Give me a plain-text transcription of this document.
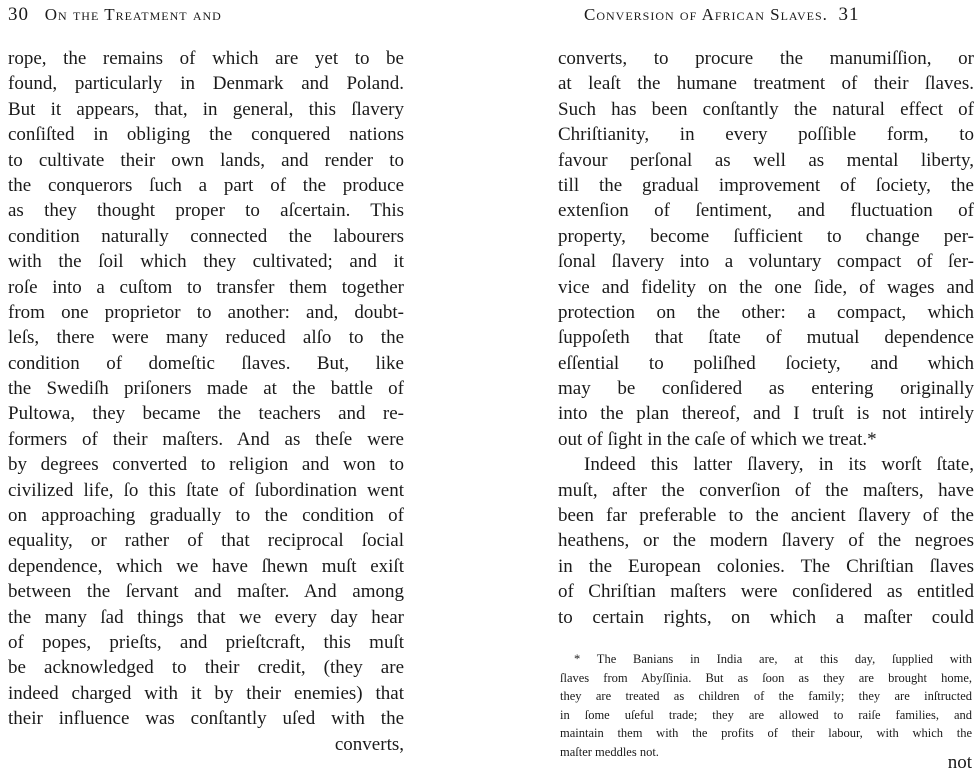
30 On the Treatment and
rope, the remains of which are yet to be
found, particularly in Denmark and Poland.
But it appears, that, in general, this ſlavery
conſiſted in obliging the conquered nations
to cultivate their own lands, and render to
the conquerors ſuch a part of the produce
as they thought proper to aſcertain. This
condition naturally connected the labourers
with the ſoil which they cultivated; and it
roſe into a cuſtom to transfer them together
from one proprietor to another: and, doubt-
leſs, there were many reduced alſo to the
condition of domeſtic ſlaves. But, like
the Swediſh priſoners made at the battle of
Pultowa, they became the teachers and re-
formers of their maſters. And as theſe were
by degrees converted to religion and won to
civilized life, ſo this ſtate of ſubordination went
on approaching gradually to the condition of
equality, or rather of that reciprocal ſocial
dependence, which we have ſhewn muſt exiſt
between the ſervant and maſter. And among
the many ſad things that we every day hear
of popes, prieſts, and prieſtcraft, this muſt
be acknowledged to their credit, (they are
indeed charged with it by their enemies) that
their influence was conſtantly uſed with the
converts,
Conversion of African Slaves. 31
converts, to procure the manumiſſion, or
at leaſt the humane treatment of their ſlaves.
Such has been conſtantly the natural effect of
Chriſtianity, in every poſſible form, to
favour perſonal as well as mental liberty,
till the gradual improvement of ſociety, the
extenſion of ſentiment, and fluctuation of
property, become ſufficient to change per-
ſonal ſlavery into a voluntary compact of ſer-
vice and fidelity on the one ſide, of wages and
protection on the other: a compact, which
ſuppoſeth that ſtate of mutual dependence
eſſential to poliſhed ſociety, and which
may be conſidered as entering originally
into the plan thereof, and I truſt is not intirely
out of ſight in the caſe of which we treat.*
Indeed this latter ſlavery, in its worſt ſtate,
muſt, after the converſion of the maſters, have
been far preferable to the ancient ſlavery of the
heathens, or the modern ſlavery of the negroes
in the European colonies. The Chriſtian ſlaves
of Chriſtian maſters were conſidered as entitled
to certain rights, on which a maſter could
* The Banians in India are, at this day, ſupplied with
ſlaves from Abyſſinia. But as ſoon as they are brought home,
they are treated as children of the family; they are inſtructed
in ſome uſeful trade; they are allowed to raiſe families, and
maintain them with the profits of their labour, with which the
maſter meddles not.
not
